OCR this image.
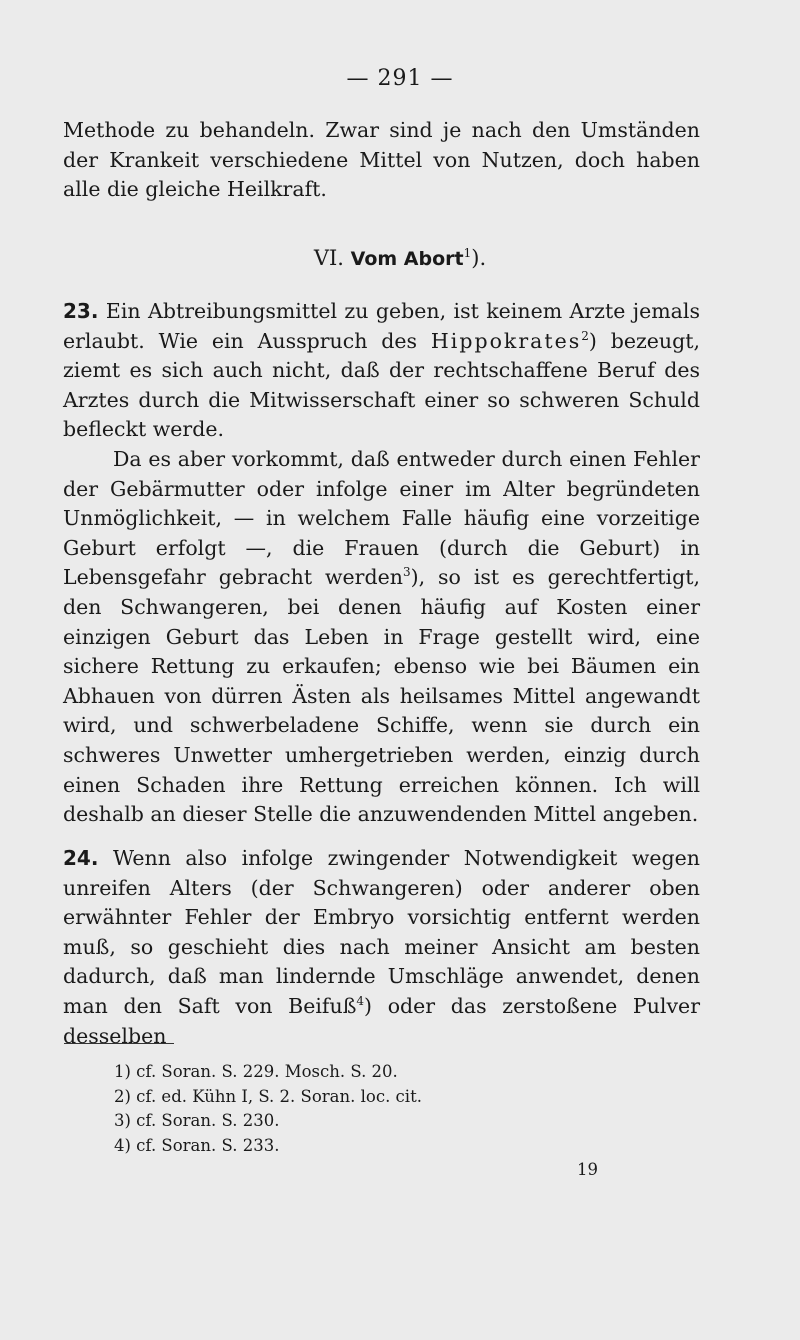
— 291 —

Methode zu behandeln. Zwar sind je nach den Umständen der Krankeit verschiedene Mittel von Nutzen, doch haben alle die gleiche Heilkraft.

VI. Vom Abort$^1$).

23. Ein Abtreibungsmittel zu geben, ist keinem Arzte jemals erlaubt. Wie ein Ausspruch des Hippokrates$^2$) bezeugt, ziemt es sich auch nicht, daß der rechtschaffene Beruf des Arztes durch die Mitwisserschaft einer so schweren Schuld befleckt werde.

Da es aber vorkommt, daß entweder durch einen Fehler der Gebärmutter oder infolge einer im Alter begründeten Unmöglichkeit, — in welchem Falle häufig eine vorzeitige Geburt erfolgt —, die Frauen (durch die Geburt) in Lebensgefahr gebracht werden$^3$), so ist es gerechtfertigt, den Schwangeren, bei denen häufig auf Kosten einer einzigen Geburt das Leben in Frage gestellt wird, eine sichere Rettung zu erkaufen; ebenso wie bei Bäumen ein Abhauen von dürren Ästen als heilsames Mittel angewandt wird, und schwerbeladene Schiffe, wenn sie durch ein schweres Unwetter umhergetrieben werden, einzig durch einen Schaden ihre Rettung erreichen können. Ich will deshalb an dieser Stelle die anzuwendenden Mittel angeben.

24. Wenn also infolge zwingender Notwendigkeit wegen unreifen Alters (der Schwangeren) oder anderer oben erwähnter Fehler der Embryo vorsichtig entfernt werden muß, so geschieht dies nach meiner Ansicht am besten dadurch, daß man lindernde Umschläge anwendet, denen man den Saft von Beifuß$^4$) oder das zerstoßene Pulver desselben

1) cf. Soran. S. 229. Mosch. S. 20.
2) cf. ed. Kühn I, S. 2. Soran. loc. cit.
3) cf. Soran. S. 230.
4) cf. Soran. S. 233.
19
